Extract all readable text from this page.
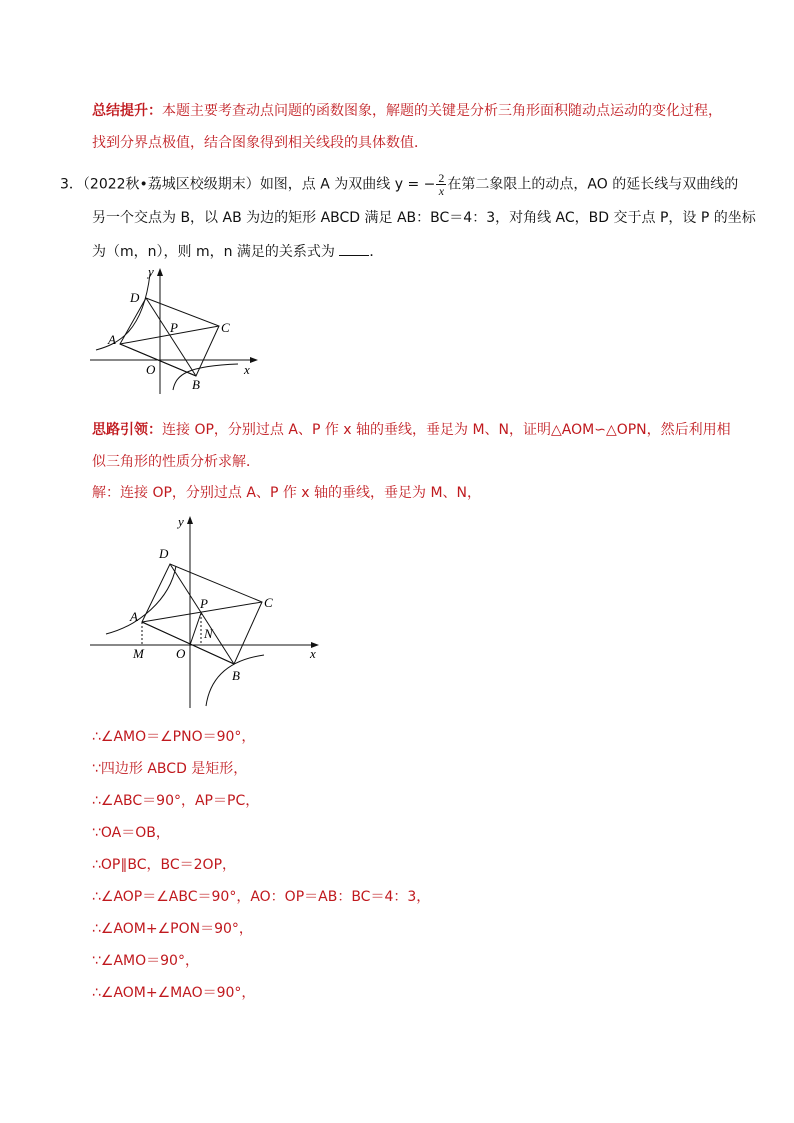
总结提升：本题主要考查动点问题的函数图象，解题的关键是分析三角形面积随动点运动的变化过程，
找到分界点极值，结合图象得到相关线段的具体数值．
3．（2022秋•荔城区校级期末）如图，点 A 为双曲线 y = − $\frac{2}{x}$ 在第二象限上的动点，AO 的延长线与双曲线的
另一个交点为 B，以 AB 为边的矩形 ABCD 满足 AB：BC＝4：3，对角线 AC，BD 交于点 P，设 P 的坐标
为（m，n），则 m，n 满足的关系式为 ．
y
x
D
A
P	C
O
B
思路引领：连接 OP，分别过点 A、P 作 x 轴的垂线，垂足为 M、N，证明△AOM∽△OPN，然后利用相
似三角形的性质分析求解．
解：连接 OP，分别过点 A、P 作 x 轴的垂线，垂足为 M、N，
y
x
D
A
P	C
N
M O
B
∴∠AMO＝∠PNO＝90°，
∵四边形 ABCD 是矩形，
∴∠ABC＝90°，AP＝PC，
∵OA＝OB，
∴OP∥BC，BC＝2OP，
∴∠AOP＝∠ABC＝90°，AO：OP＝AB：BC＝4：3，
∴∠AOM+∠PON＝90°，
∵∠AMO＝90°，
∴∠AOM+∠MAO＝90°，
